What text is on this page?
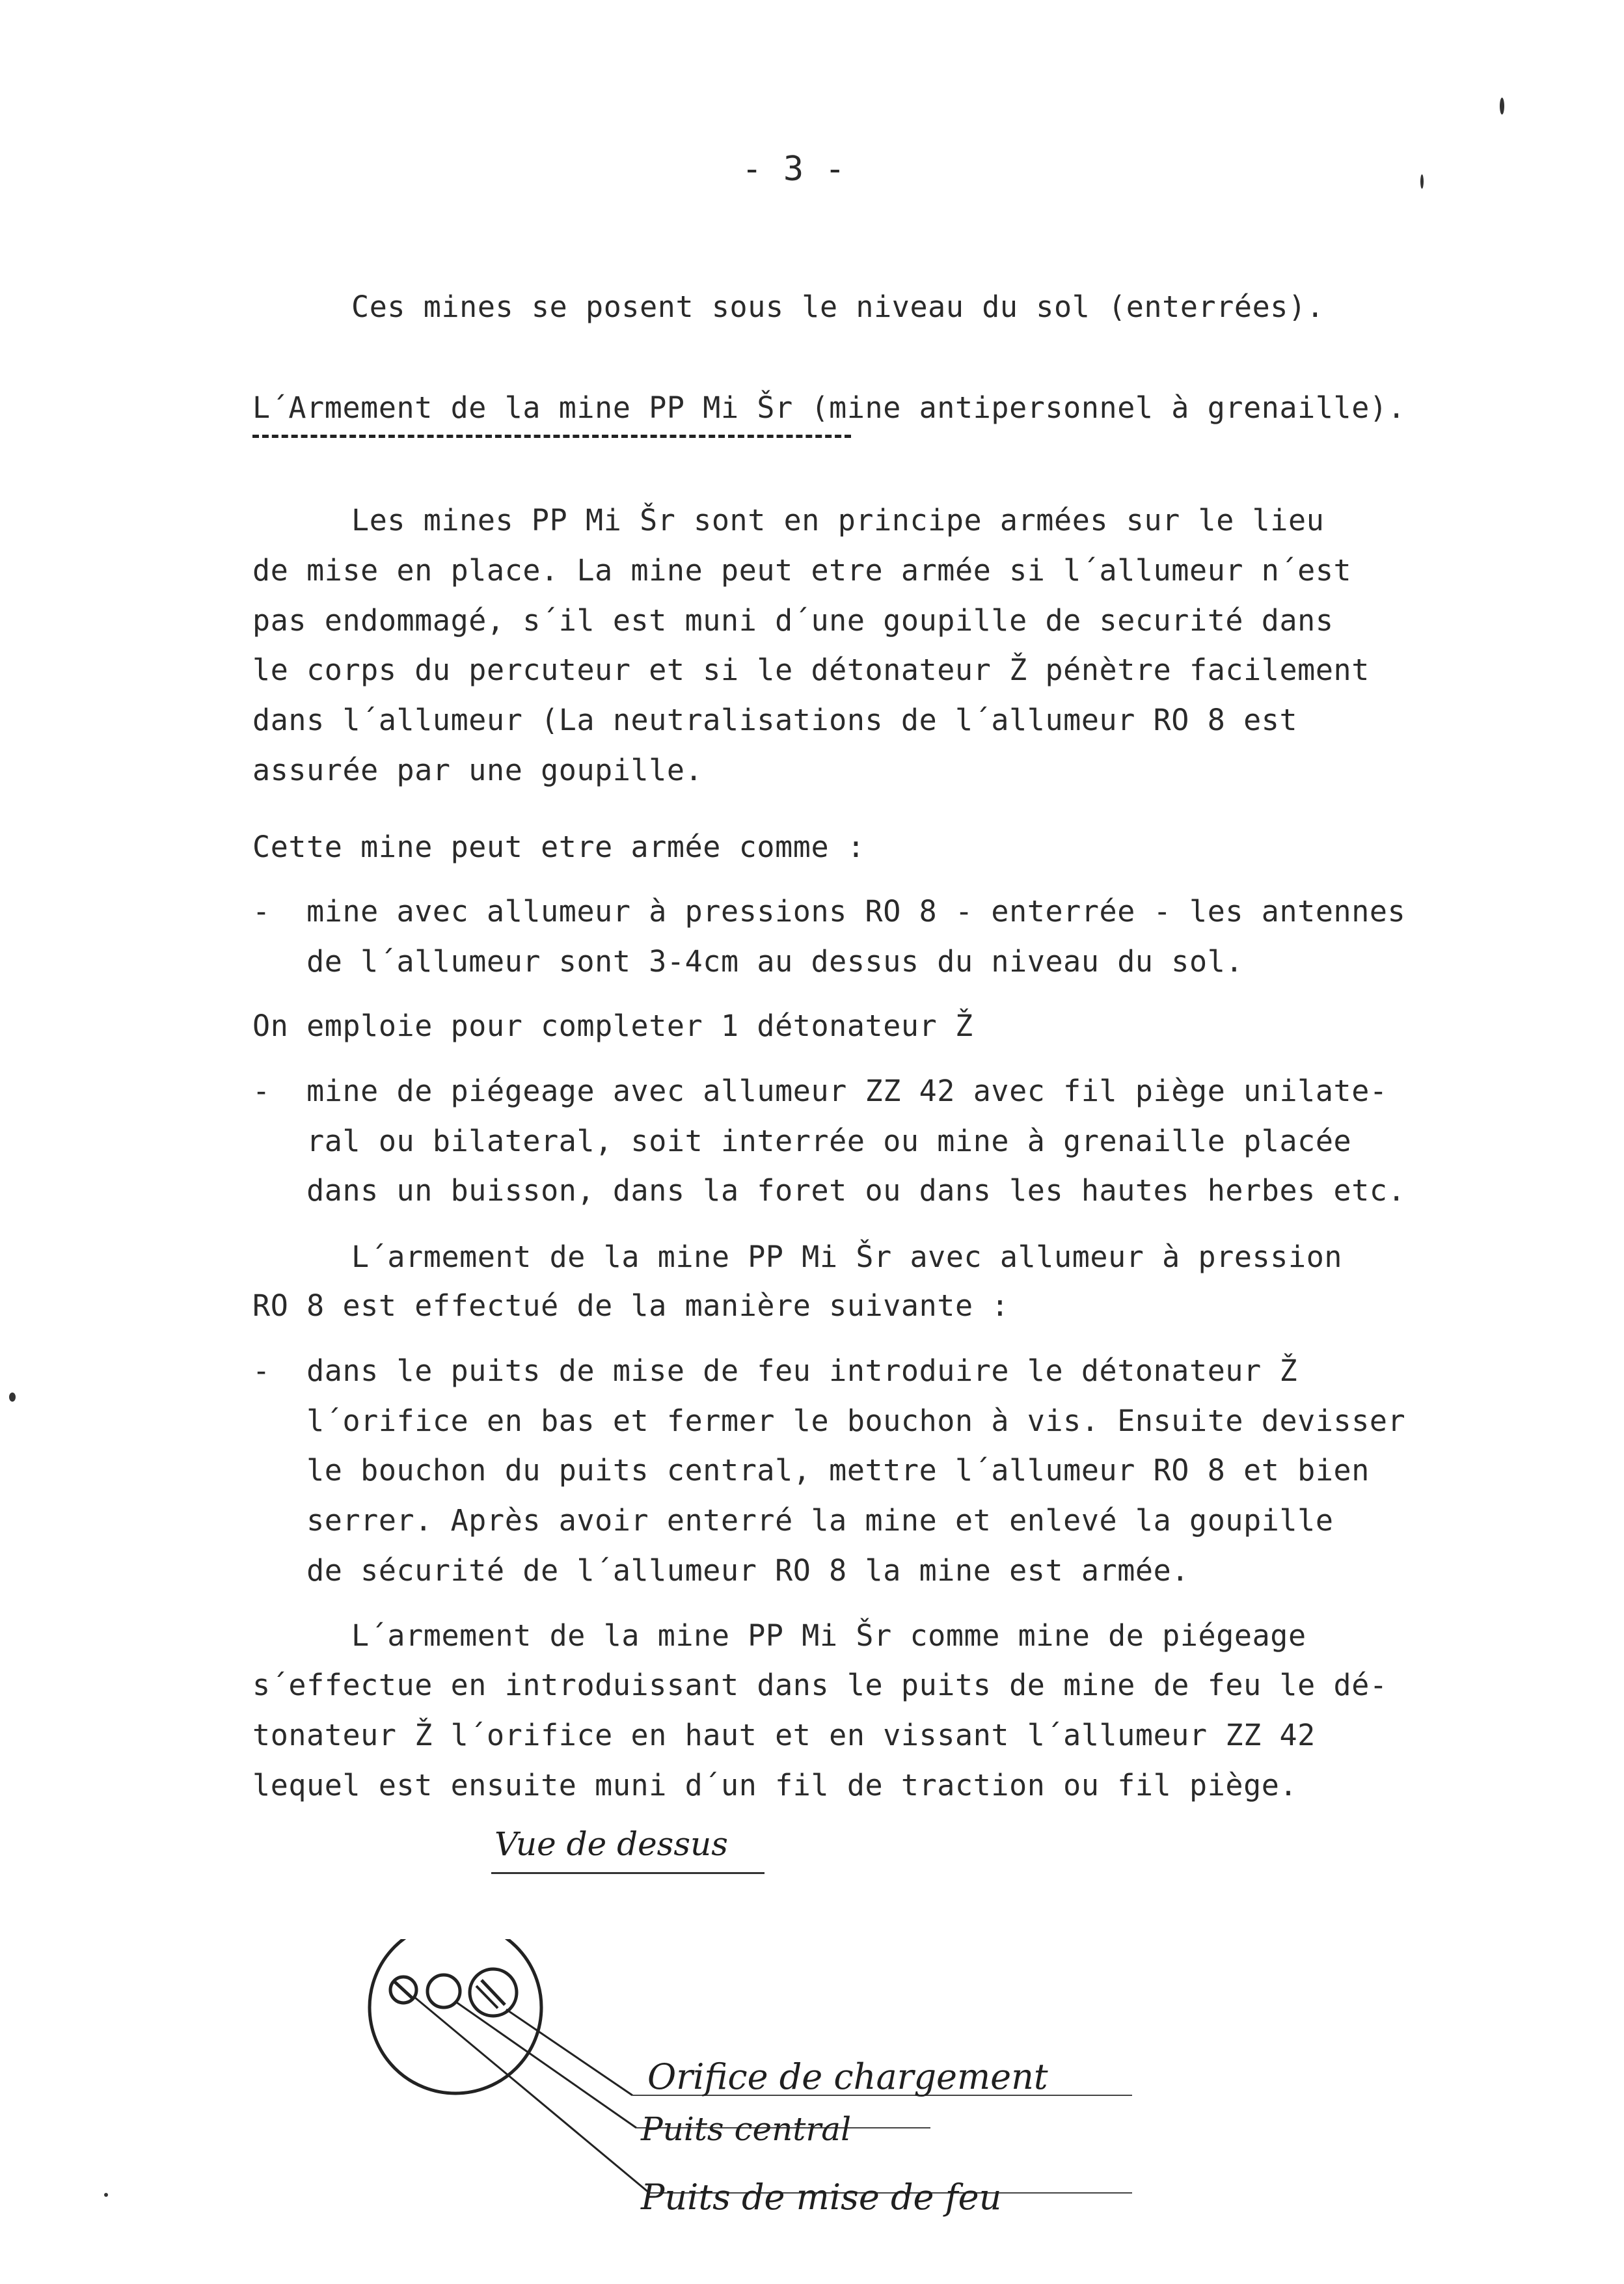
- 3 -
Ces mines se posent sous le niveau du sol (enterrées).
L´Armement de la mine PP Mi Šr (mine antipersonnel à grenaille).
Les mines PP Mi Šr sont en principe armées sur le lieu
de mise en place. La mine peut etre armée si l´allumeur n´est
pas endommagé, s´il est muni d´une goupille de securité dans
le corps du percuteur et si le détonateur Ž pénètre facilement
dans l´allumeur (La neutralisations de l´allumeur RO 8 est
assurée par une goupille.
Cette mine peut etre armée comme :
-  mine avec allumeur à pressions RO 8 - enterrée - les antennes
de l´allumeur sont 3-4cm au dessus du niveau du sol.
On emploie pour completer 1 détonateur Ž
-  mine de piégeage avec allumeur ZZ 42 avec fil piège unilate-
ral ou bilateral, soit interrée ou mine à grenaille placée
dans un buisson, dans la foret ou dans les hautes herbes etc.
L´armement de la mine PP Mi Šr avec allumeur à pression
RO 8 est effectué de la manière suivante :
-  dans le puits de mise de feu introduire le détonateur Ž
l´orifice en bas et fermer le bouchon à vis. Ensuite devisser
le bouchon du puits central, mettre l´allumeur RO 8 et bien
serrer. Après avoir enterré la mine et enlevé la goupille
de sécurité de l´allumeur RO 8 la mine est armée.
L´armement de la mine PP Mi Šr comme mine de piégeage
s´effectue en introduissant dans le puits de mine de feu le dé-
tonateur Ž l´orifice en haut et en vissant l´allumeur ZZ 42
lequel est ensuite muni d´un fil de traction ou fil piège.
Vue de dessus
Orifice de chargement
Puits central
Puits de mise de feu
